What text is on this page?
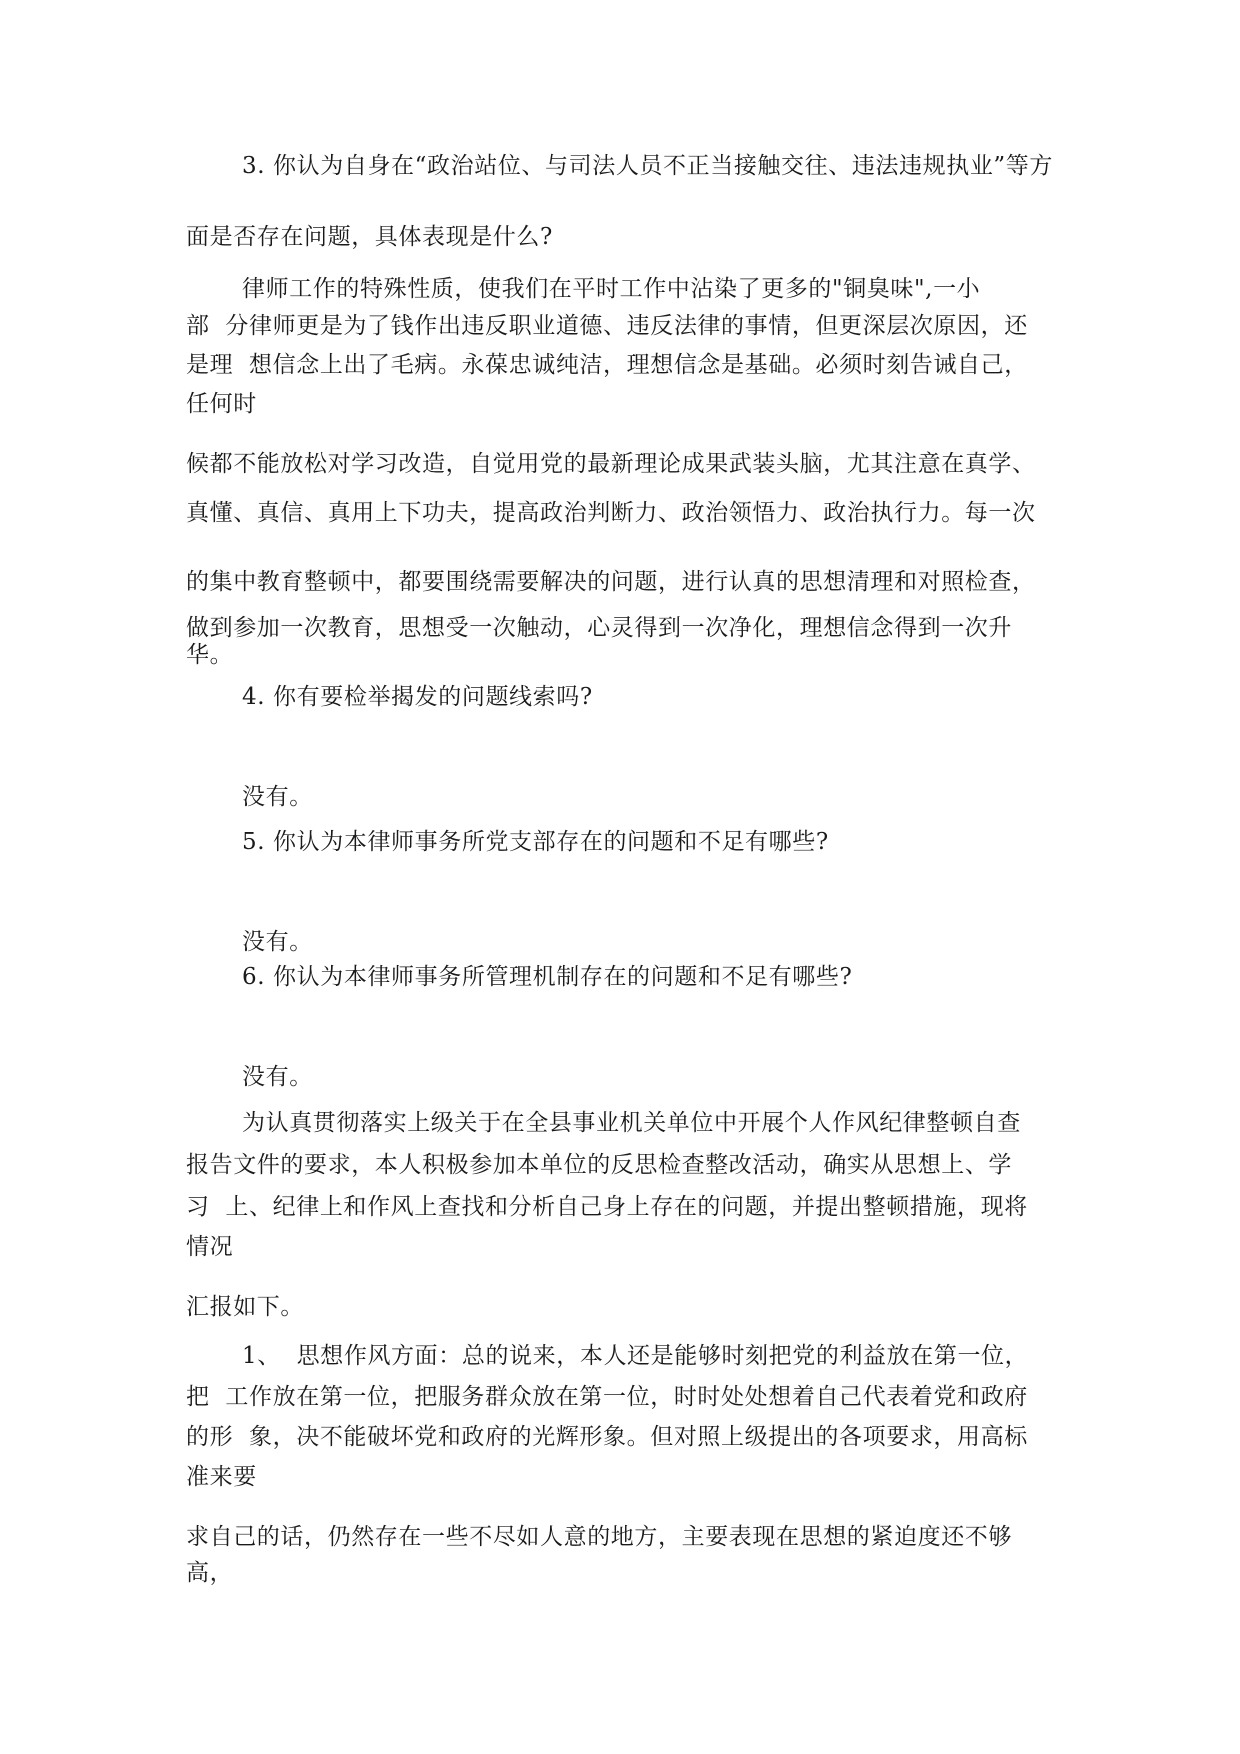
3. 你认为自身在“政治站位、与司法人员不正当接触交往、违法违规执业”等方
面是否存在问题，具体表现是什么?
律师工作的特殊性质，使我们在平时工作中沾染了更多的"铜臭味",一小
部  分律师更是为了钱作出违反职业道德、违反法律的事情，但更深层次原因，还
是理  想信念上出了毛病。永葆忠诚纯洁，理想信念是基础。必须时刻告诫自己，
任何时
候都不能放松对学习改造，自觉用党的最新理论成果武装头脑，尤其注意在真学、
真懂、真信、真用上下功夫，提高政治判断力、政治领悟力、政治执行力。每一次
的集中教育整顿中，都要围绕需要解决的问题，进行认真的思想清理和对照检查，
做到参加一次教育，思想受一次触动，心灵得到一次净化，理想信念得到一次升
华。
4. 你有要检举揭发的问题线索吗?
没有。
5. 你认为本律师事务所党支部存在的问题和不足有哪些?
没有。
6. 你认为本律师事务所管理机制存在的问题和不足有哪些?
没有。
为认真贯彻落实上级关于在全县事业机关单位中开展个人作风纪律整顿自查
报告文件的要求，本人积极参加本单位的反思检查整改活动，确实从思想上、学
习  上、纪律上和作风上查找和分析自己身上存在的问题，并提出整顿措施，现将
情况
汇报如下。
1、  思想作风方面：总的说来，本人还是能够时刻把党的利益放在第一位，
把  工作放在第一位，把服务群众放在第一位，时时处处想着自己代表着党和政府
的形  象，决不能破坏党和政府的光辉形象。但对照上级提出的各项要求，用高标
准来要
求自己的话，仍然存在一些不尽如人意的地方，主要表现在思想的紧迫度还不够
高，
